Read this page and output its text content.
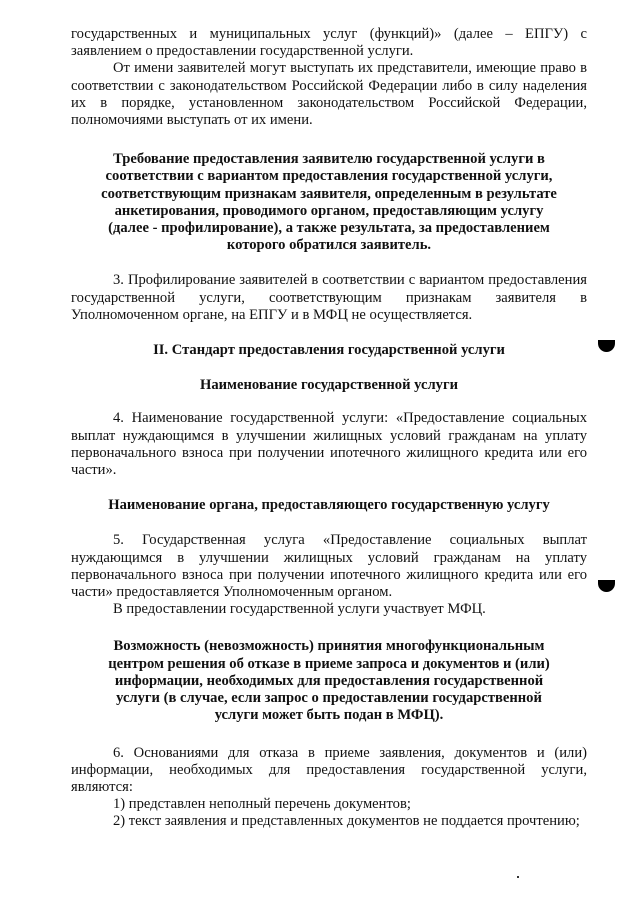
государственных и муниципальных услуг (функций)» (далее – ЕПГУ) с заявлением о предоставлении государственной услуги.

От имени заявителей могут выступать их представители, имеющие право в соответствии с законодательством Российской Федерации либо в силу наделения их в порядке, установленном законодательством Российской Федерации, полномочиями выступать от их имени.

Требование предоставления заявителю государственной услуги в соответствии с вариантом предоставления государственной услуги, соответствующим признакам заявителя, определенным в результате анкетирования, проводимого органом, предоставляющим услугу (далее - профилирование), а также результата, за предоставлением которого обратился заявитель.

3. Профилирование заявителей в соответствии с вариантом предоставления государственной услуги, соответствующим признакам заявителя в Уполномоченном органе, на ЕПГУ и в МФЦ не осуществляется.

II. Стандарт предоставления государственной услуги

Наименование государственной услуги

4. Наименование государственной услуги: «Предоставление социальных выплат нуждающимся в улучшении жилищных условий гражданам на уплату первоначального взноса при получении ипотечного жилищного кредита или его части».

Наименование органа, предоставляющего государственную услугу

5. Государственная услуга «Предоставление социальных выплат нуждающимся в улучшении жилищных условий гражданам на уплату первоначального взноса при получении ипотечного жилищного кредита или его части» предоставляется Уполномоченным органом.

В предоставлении государственной услуги участвует МФЦ.

Возможность (невозможность) принятия многофункциональным центром решения об отказе в приеме запроса и документов и (или) информации, необходимых для предоставления государственной услуги (в случае, если запрос о предоставлении государственной услуги может быть подан в МФЦ).

6. Основаниями для отказа в приеме заявления, документов и (или) информации, необходимых для предоставления государственной услуги, являются:

1) представлен неполный перечень документов;

2) текст заявления и представленных документов не поддается прочтению;
